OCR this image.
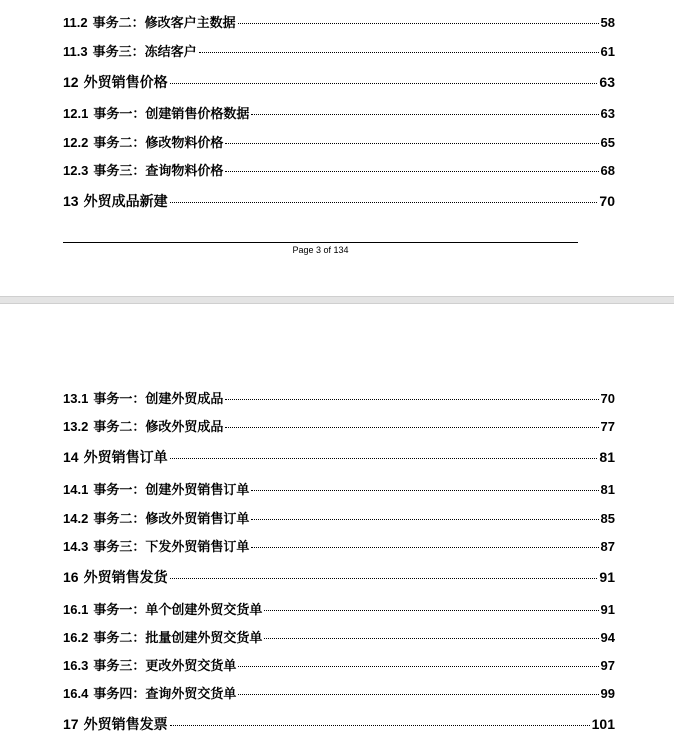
11.2 事务二：修改客户主数据	58
11.3 事务三：冻结客户	61
12 外贸销售价格	63
12.1 事务一：创建销售价格数据	63
12.2 事务二：修改物料价格	65
12.3 事务三：查询物料价格	68
13 外贸成品新建	70
Page 3 of 134
13.1 事务一：创建外贸成品	70
13.2 事务二：修改外贸成品	77
14 外贸销售订单	81
14.1 事务一：创建外贸销售订单	81
14.2 事务二：修改外贸销售订单	85
14.3 事务三：下发外贸销售订单	87
16 外贸销售发货	91
16.1 事务一：单个创建外贸交货单	91
16.2 事务二：批量创建外贸交货单	94
16.3 事务三：更改外贸交货单	97
16.4 事务四：查询外贸交货单	99
17 外贸销售发票	101
